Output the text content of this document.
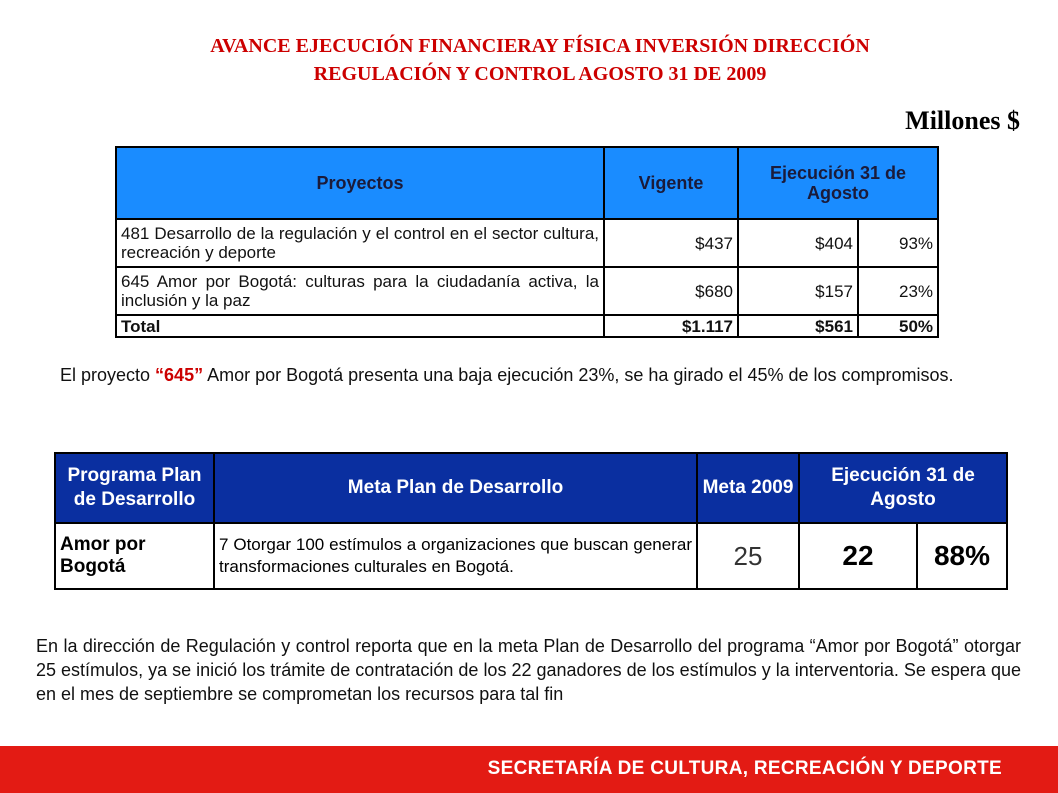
AVANCE EJECUCIÓN FINANCIERAY FÍSICA INVERSIÓN DIRECCIÓN
REGULACIÓN Y CONTROL AGOSTO 31 DE 2009
Millones $
Proyectos	Vigente	Ejecución 31 de Agosto	
481 Desarrollo de la regulación y el control en el sector cultura, recreación y deporte	$437	$404	93%
645 Amor por Bogotá: culturas para la ciudadanía activa, la inclusión y la paz	$680	$157	23%
Total	$1.117	$561	50%
El proyecto “645” Amor por Bogotá presenta una baja ejecución 23%, se ha girado el 45% de los compromisos.
Programa Plan de Desarrollo	Meta Plan de Desarrollo	Meta 2009	Ejecución 31 de Agosto	
Amor por Bogotá	7 Otorgar 100 estímulos a organizaciones que buscan generar transformaciones culturales en Bogotá.	25	22	88%
En la dirección de Regulación y control reporta que en la meta Plan de Desarrollo del programa “Amor por Bogotá” otorgar 25 estímulos, ya se inició los trámite de contratación de los 22 ganadores de los estímulos y la interventoria. Se espera que en el mes de septiembre se comprometan los recursos para tal fin
SECRETARÍA DE CULTURA, RECREACIÓN Y DEPORTE
